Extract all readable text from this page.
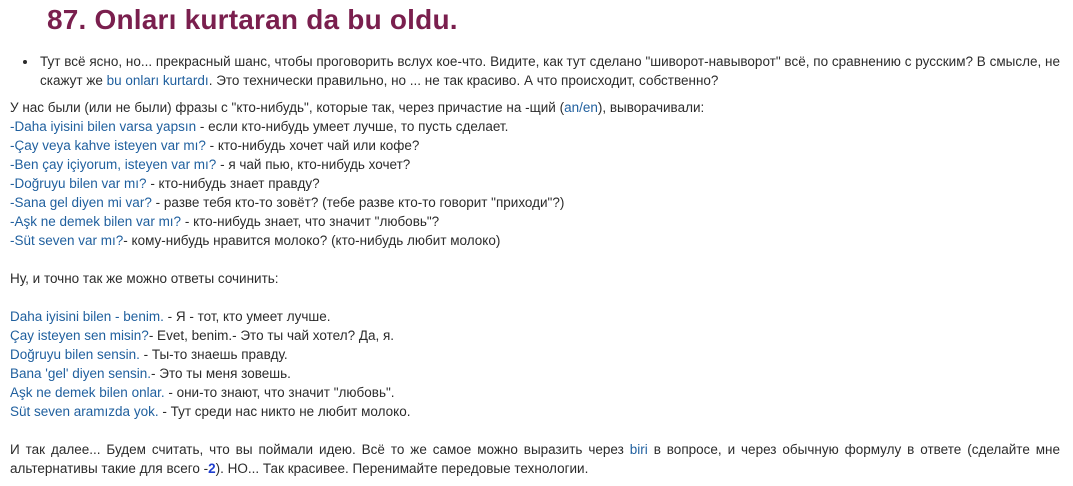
87. Onları kurtaran da bu oldu.
• Тут всё ясно, но... прекрасный шанс, чтобы проговорить вслух кое-что. Видите, как тут сделано "шиворот-навыворот" всё, по сравнению с русским? В смысле, не скажут же bu onları kurtardı. Это технически правильно, но ... не так красиво. А что происходит, собственно?

У нас были (или не были) фразы с "кто-нибудь", которые так, через причастие на -щий (an/en), выворачивали:

-Daha iyisini bilen varsa yapsın - если кто-нибудь умеет лучше, то пусть сделает.

-Çay veya kahve isteyen var mı? - кто-нибудь хочет чай или кофе?

-Ben çay içiyorum, isteyen var mı? - я чай пью, кто-нибудь хочет?

-Doğruyu bilen var mı? - кто-нибудь знает правду?

-Sana gel diyen mi var? - разве тебя кто-то зовёт? (тебе разве кто-то говорит "приходи"?)

-Aşk ne demek bilen var mı? - кто-нибудь знает, что значит "любовь"?

-Süt seven var mı?- кому-нибудь нравится молоко? (кто-нибудь любит молоко)

Ну, и точно так же можно ответы сочинить:

Daha iyisini bilen - benim. - Я - тот, кто умеет лучше.

Çay isteyen sen misin?- Evet, benim.- Это ты чай хотел? Да, я.

Doğruyu bilen sensin. - Ты-то знаешь правду.

Bana 'gel' diyen sensin.- Это ты меня зовешь.

Aşk ne demek bilen onlar. - они-то знают, что значит "любовь".

Süt seven aramızda yok. - Тут среди нас никто не любит молоко.

И так далее... Будем считать, что вы поймали идею. Всё то же самое можно выразить через biri в вопросе, и через обычную формулу в ответе (сделайте мне альтернативы такие для всего -2). НО... Так красивее. Перенимайте передовые технологии.
